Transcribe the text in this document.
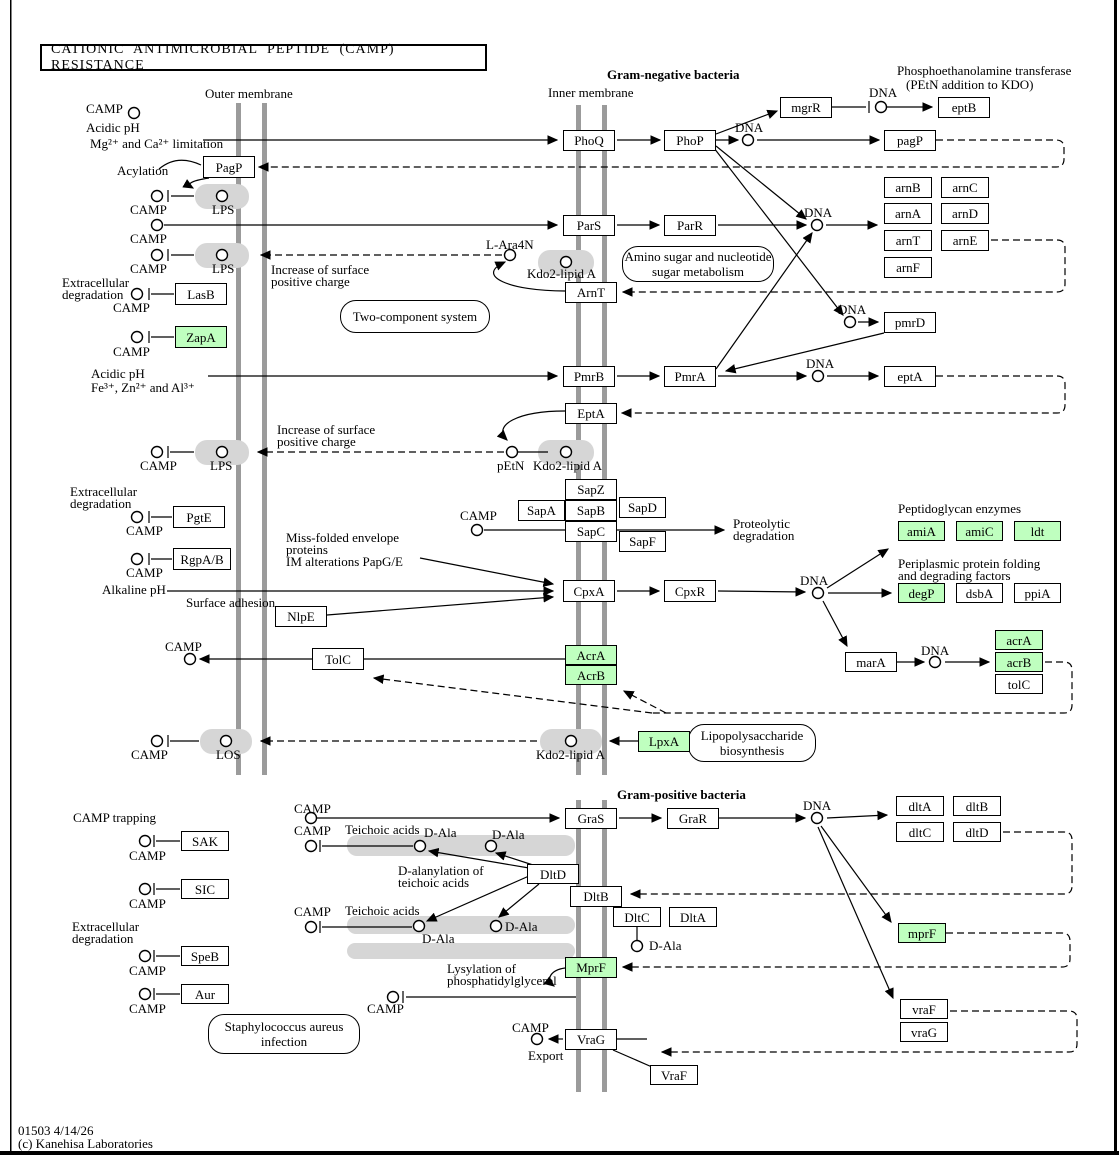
CATIONIC ANTIMICROBIAL PEPTIDE (CAMP) RESISTANCE
Outer membrane	Inner membrane
Gram-negative bacteria
Gram-positive bacteria
Phosphoethanolamine transferase
(PEtN addition to KDO)
CAMP
Acidic pH
Mg²⁺ and Ca²⁺ limitation
Acylation
DNA
DNA
DNA
DNA
DNA
DNA
DNA
DNA
CAMP	LPS
CAMP
CAMP	LPS
Extracellular
degradation
CAMP
CAMP
Increase of surface
positive charge
L-Ara4N
Kdo2-lipid A
Acidic pH
Fe³⁺, Zn²⁺ and Al³⁺
Increase of surface
positive charge
CAMP	LPS	pEtN Kdo2-lipid A
Extracellular
degradation
CAMP
CAMP
CAMP
Proteolytic
degradation
Miss-folded envelope
proteins
IM alterations PapG/E
Alkaline pH
Surface adhesion
Peptidoglycan enzymes
Periplasmic protein folding
and degrading factors
CAMP
CAMP	LOS	Kdo2-lipid A
Two-component system
Amino sugar and nucleotide
sugar metabolism
Lipopolysaccharide
biosynthesis
Staphylococcus aureus
infection
PhoQ	PhoP
mgrR	eptB
pagP
PagP
ParS	ParR
arnB	arnC
arnA	arnD
arnT	arnE
arnF
ArnT
LasB
ZapA
PmrB	PmrA
pmrD
eptA
EptA
SapZ
SapA	SapB
SapC
SapD
SapF
PgtE
RgpA/B
CpxA	CpxR
NlpE
amiA	amiC	ldt
degP	dsbA	ppiA
TolC	AcrA
AcrB
marA
acrA
acrB
tolC
LpxA
GraS	GraR
dltA	dltB
dltC	dltD
DltD
DltB
DltC	DltA
SAK
SIC
SpeB
Aur
mprF
MprF
vraF
vraG
VraG
VraF
CAMP
CAMP Teichoic acids D-Ala	D-Ala
D-alanylation of
teichoic acids
CAMP Teichoic acids
D-Ala
D-Ala
D-Ala
CAMP trapping
CAMP
CAMP
Extracellular
degradation
CAMP
CAMP
Lysylation of
phosphatidylglycerol
CAMP
CAMP
Export
01503 4/14/26
(c) Kanehisa Laboratories
